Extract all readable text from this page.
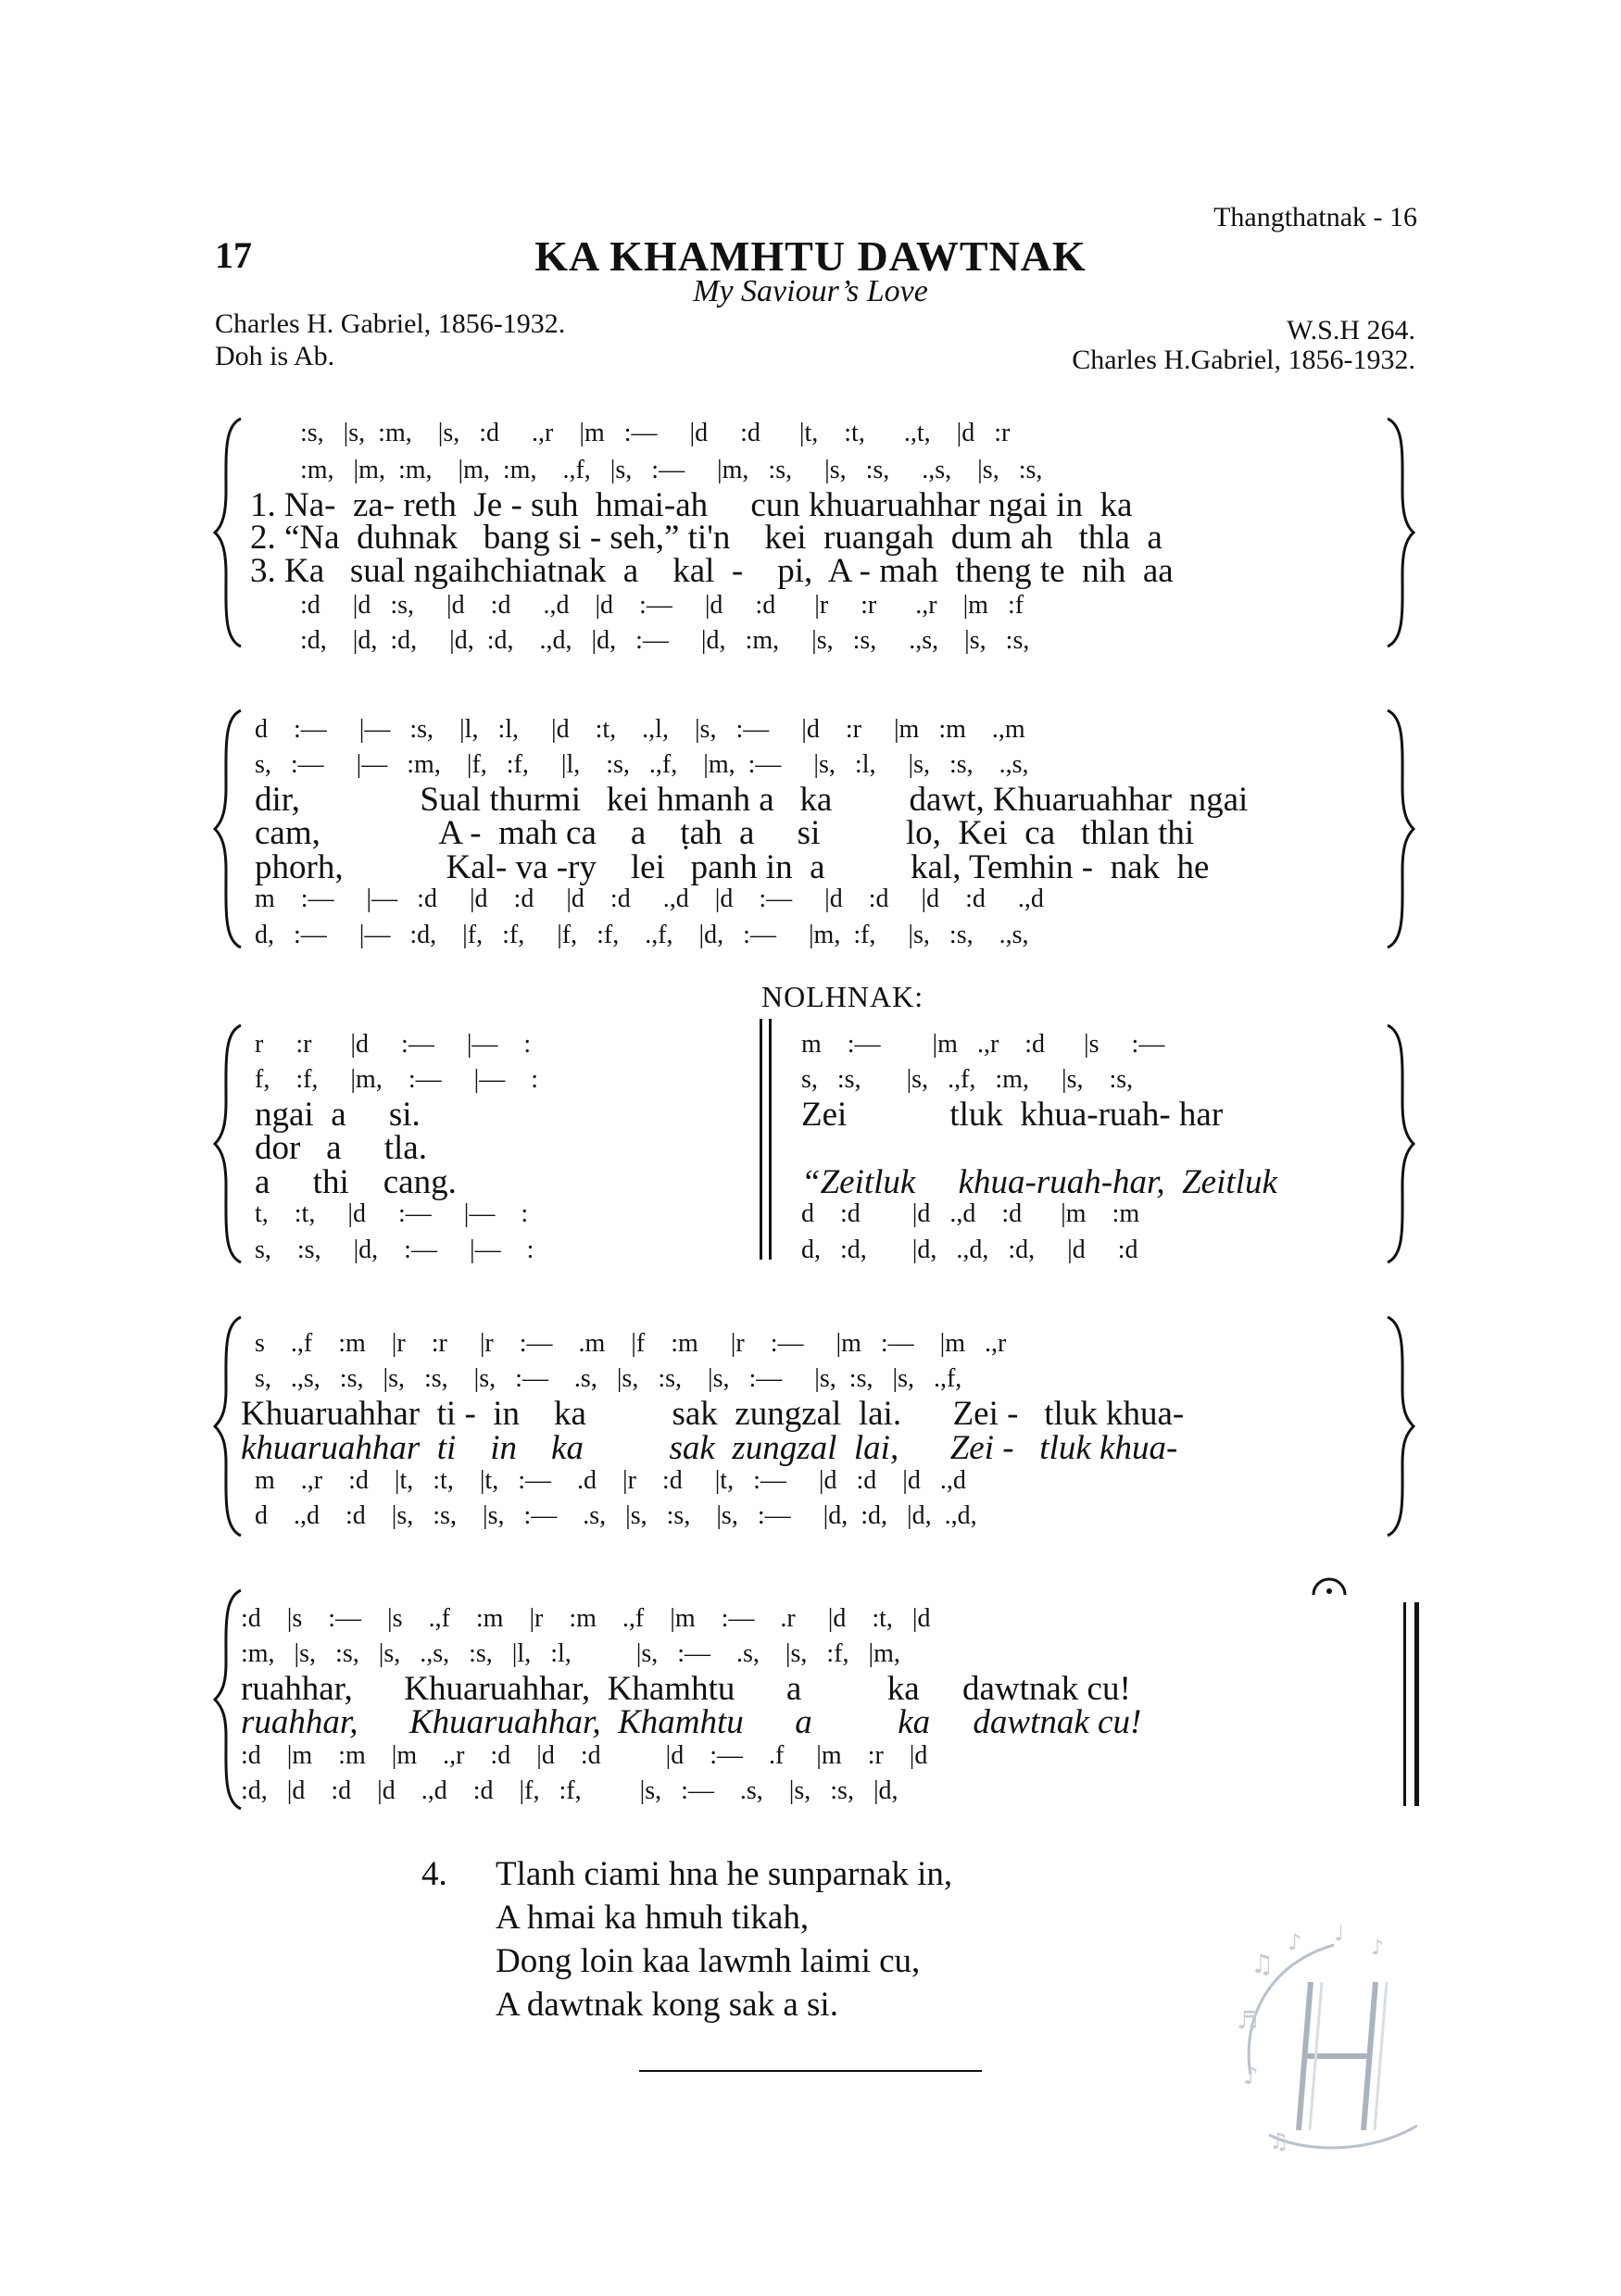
Thangthatnak - 16
17	KA KHAMHTU DAWTNAK
My Saviour’s Love
Charles H. Gabriel, 1856-1932.
Doh is Ab.
W.S.H 264.
Charles H.Gabriel, 1856-1932.
:s,   |s,  :m,    |s,   :d     .,r    |m   :—     |d     :d      |t,    :t,      .,t,    |d   :r
:m,   |m,  :m,    |m,  :m,    .,f,   |s,   :—     |m,   :s,     |s,   :s,     .,s,    |s,   :s,
1. Na-  za- reth  Je - suh  hmai-ah     cun khuaruahhar ngai in  ka
2. “Na  duhnak   bang si - seh,” ti'n    kei  ruangah  dum ah   thla  a
3. Ka   sual ngaihchiatnak  a    kal  -    pi,  A - mah  theng te  nih  aa
:d     |d   :s,     |d    :d     .,d    |d    :—     |d     :d      |r     :r      .,r    |m   :f
:d,    |d,  :d,     |d,  :d,    .,d,   |d,   :—     |d,   :m,     |s,   :s,     .,s,    |s,   :s,
d    :—     |—   :s,    |l,   :l,     |d    :t,    .,l,    |s,   :—     |d    :r     |m   :m    .,m
s,   :—     |—   :m,    |f,   :f,     |l,    :s,   .,f,    |m,  :—     |s,   :l,     |s,   :s,    .,s,
dir,              Sual thurmi   kei hmanh a   ka         dawt, Khuaruahhar  ngai
cam,              A -  mah ca    a    ṭah  a     si          lo,  Kei  ca   thlan thi
phorh,            Kal- va -ry    lei   panh in  a          kal, Temhin -  nak  he
m    :—     |—   :d     |d    :d     |d    :d     .,d    |d    :—     |d    :d     |d    :d     .,d
d,   :—     |—   :d,    |f,   :f,     |f,   :f,    .,f,    |d,   :—     |m,  :f,     |s,   :s,    .,s,
NOLHNAK:
r     :r      |d     :—     |—    :
f,    :f,     |m,    :—     |—    :
ngai  a     si.
dor   a     tla.
a     thi    cang.
t,    :t,     |d     :—     |—    :
s,    :s,     |d,    :—     |—    :
m    :—        |m   .,r    :d      |s     :—
s,   :s,       |s,   .,f,   :m,     |s,    :s,
Zei            tluk  khua-ruah- har
“Zeitluk     khua-ruah-har,  Zeitluk
d    :d        |d   .,d    :d      |m    :m
d,   :d,       |d,   .,d,   :d,     |d     :d
s    .,f    :m    |r    :r     |r    :—    .m    |f    :m     |r    :—     |m   :—    |m   .,r
s,   .,s,   :s,   |s,   :s,    |s,   :—    .s,   |s,   :s,    |s,   :—     |s,  :s,   |s,   .,f,
Khuaruahhar  ti -  in    ka          sak  zungzal  lai.      Zei -   tluk khua-
khuaruahhar  ti    in    ka          sak  zungzal  lai,      Zei -   tluk khua-
m    .,r    :d    |t,   :t,    |t,   :—    .d    |r    :d     |t,   :—     |d   :d    |d   .,d
d    .,d    :d    |s,   :s,    |s,   :—    .s,   |s,   :s,    |s,   :—     |d,  :d,   |d,  .,d,
:d    |s    :—    |s    .,f    :m    |r    :m    .,f    |m    :—    .r     |d    :t,   |d
:m,   |s,   :s,   |s,   .,s,   :s,   |l,   :l,          |s,   :—    .s,    |s,   :f,   |m,
ruahhar,      Khuaruahhar,  Khamhtu      a          ka     dawtnak cu!
ruahhar,      Khuaruahhar,  Khamhtu      a          ka     dawtnak cu!
:d    |m    :m    |m    .,r    :d    |d    :d          |d    :—    .f     |m    :r    |d
:d,   |d    :d    |d    .,d    :d    |f,   :f,         |s,   :—    .s,    |s,   :s,   |d,
4. Tlanh ciami hna he sunparnak in,
A hmai ka hmuh tikah,
Dong loin kaa lawmh laimi cu,
A dawtnak kong sak a si.
♫
♪ ♩
♬
♪
♫
♪
